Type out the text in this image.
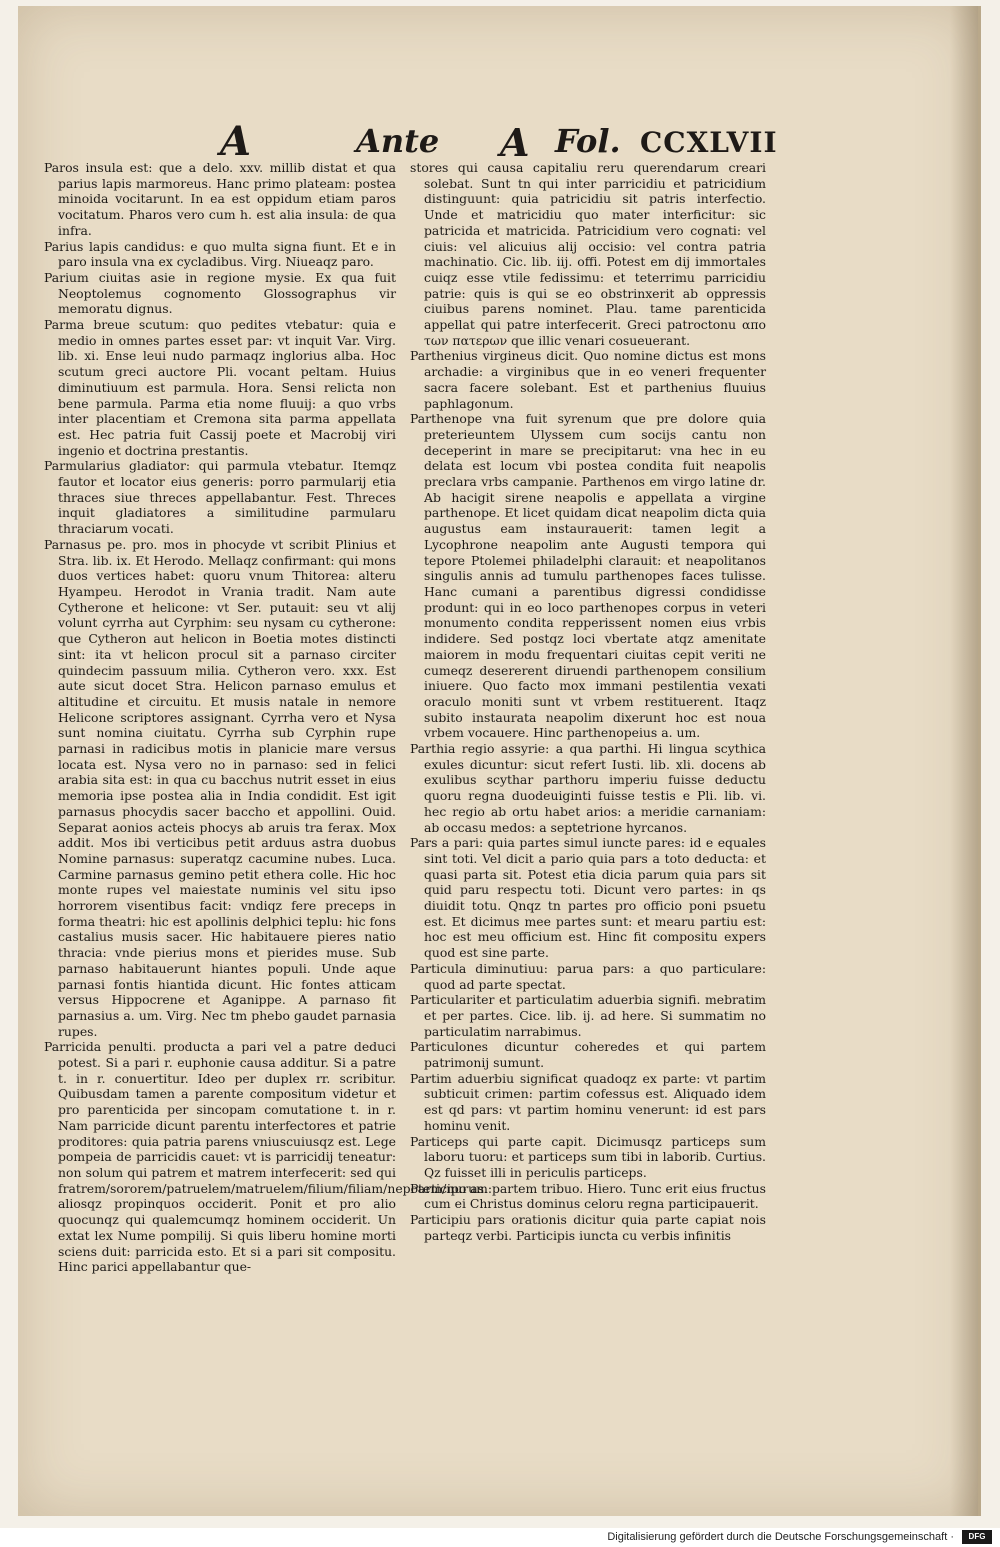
A	Ante A Fol. CCXLVII

Paros insula est: que a delo. xxv. millib distat et qua parius lapis marmoreus. Hanc primo plateam: postea minoida vocitarunt. In ea est oppidum etiam paros vocitatum. Pharos vero cum h. est alia insula: de qua infra.

Parius lapis candidus: e quo multa signa fiunt. Et e in paro insula vna ex cycladibus. Virg. Niueaqz paro.

Parium ciuitas asie in regione mysie. Ex qua fuit Neoptolemus cognomento Glossographus vir memoratu dignus.

Parma breue scutum: quo pedites vtebatur: quia e medio in omnes partes esset par: vt inquit Var. Virg. lib. xi. Ense leui nudo parmaqz inglorius alba. Hoc scutum greci auctore Pli. vocant peltam. Huius diminutiuum est parmula. Hora. Sensi relicta non bene parmula. Parma etia nome fluuij: a quo vrbs inter placentiam et Cremona sita parma appellata est. Hec patria fuit Cassij poete et Macrobij viri ingenio et doctrina prestantis.

Parmularius gladiator: qui parmula vtebatur. Itemqz fautor et locator eius generis: porro parmularij etia thraces siue threces appellabantur. Fest. Threces inquit gladiatores a similitudine parmularu thraciarum vocati.

Parnasus pe. pro. mos in phocyde vt scribit Plinius et Stra. lib. ix. Et Herodo. Mellaqz confirmant: qui mons duos vertices habet: quoru vnum Thitorea: alteru Hyampeu. Herodot in Vrania tradit. Nam aute Cytherone et helicone: vt Ser. putauit: seu vt alij volunt cyrrha aut Cyrphim: seu nysam cu cytherone: que Cytheron aut helicon in Boetia motes distincti sint: ita vt helicon procul sit a parnaso circiter quindecim passuum milia. Cytheron vero. xxx. Est aute sicut docet Stra. Helicon parnaso emulus et altitudine et circuitu. Et musis natale in nemore Helicone scriptores assignant. Cyrrha vero et Nysa sunt nomina ciuitatu. Cyrrha sub Cyrphin rupe parnasi in radicibus motis in planicie mare versus locata est. Nysa vero no in parnaso: sed in felici arabia sita est: in qua cu bacchus nutrit esset in eius memoria ipse postea alia in India condidit. Est igit parnasus phocydis sacer baccho et appollini. Ouid. Separat aonios acteis phocys ab aruis tra ferax. Mox addit. Mos ibi verticibus petit arduus astra duobus Nomine parnasus: superatqz cacumine nubes. Luca. Carmine parnasus gemino petit ethera colle. Hic hoc monte rupes vel maiestate numinis vel situ ipso horrorem visentibus facit: vndiqz fere preceps in forma theatri: hic est apollinis delphici teplu: hic fons castalius musis sacer. Hic habitauere pieres natio thracia: vnde pierius mons et pierides muse. Sub parnaso habitauerunt hiantes populi. Unde aque parnasi fontis hiantida dicunt. Hic fontes atticam versus Hippocrene et Aganippe. A parnaso fit parnasius a. um. Virg. Nec tm phebo gaudet parnasia rupes.

Parricida penulti. producta a pari vel a patre deduci potest. Si a pari r. euphonie causa additur. Si a patre t. in r. conuertitur. Ideo per duplex rr. scribitur. Quibusdam tamen a parente compositum videtur et pro parenticida per sincopam comutatione t. in r. Nam parricide dicunt parentu interfectores et patrie proditores: quia patria parens vniuscuiusqz est. Lege pompeia de parricidis cauet: vt is parricidij teneatur: non solum qui patrem et matrem interfecerit: sed qui fratrem/sororem/patruelem/matruelem/filium/filiam/nepotem/nurum: aliosqz propinquos occiderit. Ponit et pro alio quocunqz qui qualemcumqz hominem occiderit. Un extat lex Nume pompilij. Si quis liberu homine morti sciens duit: parricida esto. Et si a pari sit compositu. Hinc parici appellabantur que-

stores qui causa capitaliu reru querendarum creari solebat. Sunt tn qui inter parricidiu et patricidium distinguunt: quia patricidiu sit patris interfectio. Unde et matricidiu quo mater interficitur: sic patricida et matricida. Patricidium vero cognati: vel ciuis: vel alicuius alij occisio: vel contra patria machinatio. Cic. lib. iij. offi. Potest em dij immortales cuiqz esse vtile fedissimu: et teterrimu parricidiu patrie: quis is qui se eo obstrinxerit ab oppressis ciuibus parens nominet. Plau. tame parenticida appellat qui patre interfecerit. Greci patroctonu απο των πατερων que illic venari cosueuerant.

Parthenius virgineus dicit. Quo nomine dictus est mons archadie: a virginibus que in eo veneri frequenter sacra facere solebant. Est et parthenius fluuius paphlagonum.

Parthenope vna fuit syrenum que pre dolore quia preterieuntem Ulyssem cum socijs cantu non deceperint in mare se precipitarut: vna hec in eu delata est locum vbi postea condita fuit neapolis preclara vrbs campanie. Parthenos em virgo latine dr. Ab hacigit sirene neapolis e appellata a virgine parthenope. Et licet quidam dicat neapolim dicta quia augustus eam instaurauerit: tamen legit a Lycophrone neapolim ante Augusti tempora qui tepore Ptolemei philadelphi clarauit: et neapolitanos singulis annis ad tumulu parthenopes faces tulisse. Hanc cumani a parentibus digressi condidisse produnt: qui in eo loco parthenopes corpus in veteri monumento condita repperissent nomen eius vrbis indidere. Sed postqz loci vbertate atqz amenitate maiorem in modu frequentari ciuitas cepit veriti ne cumeqz desererent diruendi parthenopem consilium iniuere. Quo facto mox immani pestilentia vexati oraculo moniti sunt vt vrbem restituerent. Itaqz subito instaurata neapolim dixerunt hoc est noua vrbem vocauere. Hinc parthenopeius a. um.

Parthia regio assyrie: a qua parthi. Hi lingua scythica exules dicuntur: sicut refert Iusti. lib. xli. docens ab exulibus scythar parthoru imperiu fuisse deductu quoru regna duodeuiginti fuisse testis e Pli. lib. vi. hec regio ab ortu habet arios: a meridie carnaniam: ab occasu medos: a septetrione hyrcanos.

Pars a pari: quia partes simul iuncte pares: id e equales sint toti. Vel dicit a pario quia pars a toto deducta: et quasi parta sit. Potest etia dicia parum quia pars sit quid paru respectu toti. Dicunt vero partes: in qs diuidit totu. Qnqz tn partes pro officio poni psuetu est. Et dicimus mee partes sunt: et mearu partiu est: hoc est meu officium est. Hinc fit compositu expers quod est sine parte.

Particula diminutiuu: parua pars: a quo particulare: quod ad parte spectat.

Particulariter et particulatim aduerbia signifi. mebratim et per partes. Cice. lib. ij. ad here. Si summatim no particulatim narrabimus.

Particulones dicuntur coheredes et qui partem patrimonij sumunt.

Partim aduerbiu significat quadoqz ex parte: vt partim subticuit crimen: partim cofessus est. Aliquado idem est qd pars: vt partim hominu venerunt: id est pars hominu venit.

Particeps qui parte capit. Dicimusqz particeps sum laboru tuoru: et particeps sum tibi in laborib. Curtius. Qz fuisset illi in periculis particeps.

Participo as. partem tribuo. Hiero. Tunc erit eius fructus cum ei Christus dominus celoru regna participauerit.

Participiu pars orationis dicitur quia parte capiat nois parteqz verbi. Participis iuncta cu verbis infinitis

Digitalisierung gefördert durch die Deutsche Forschungsgemeinschaft ·	DFG
